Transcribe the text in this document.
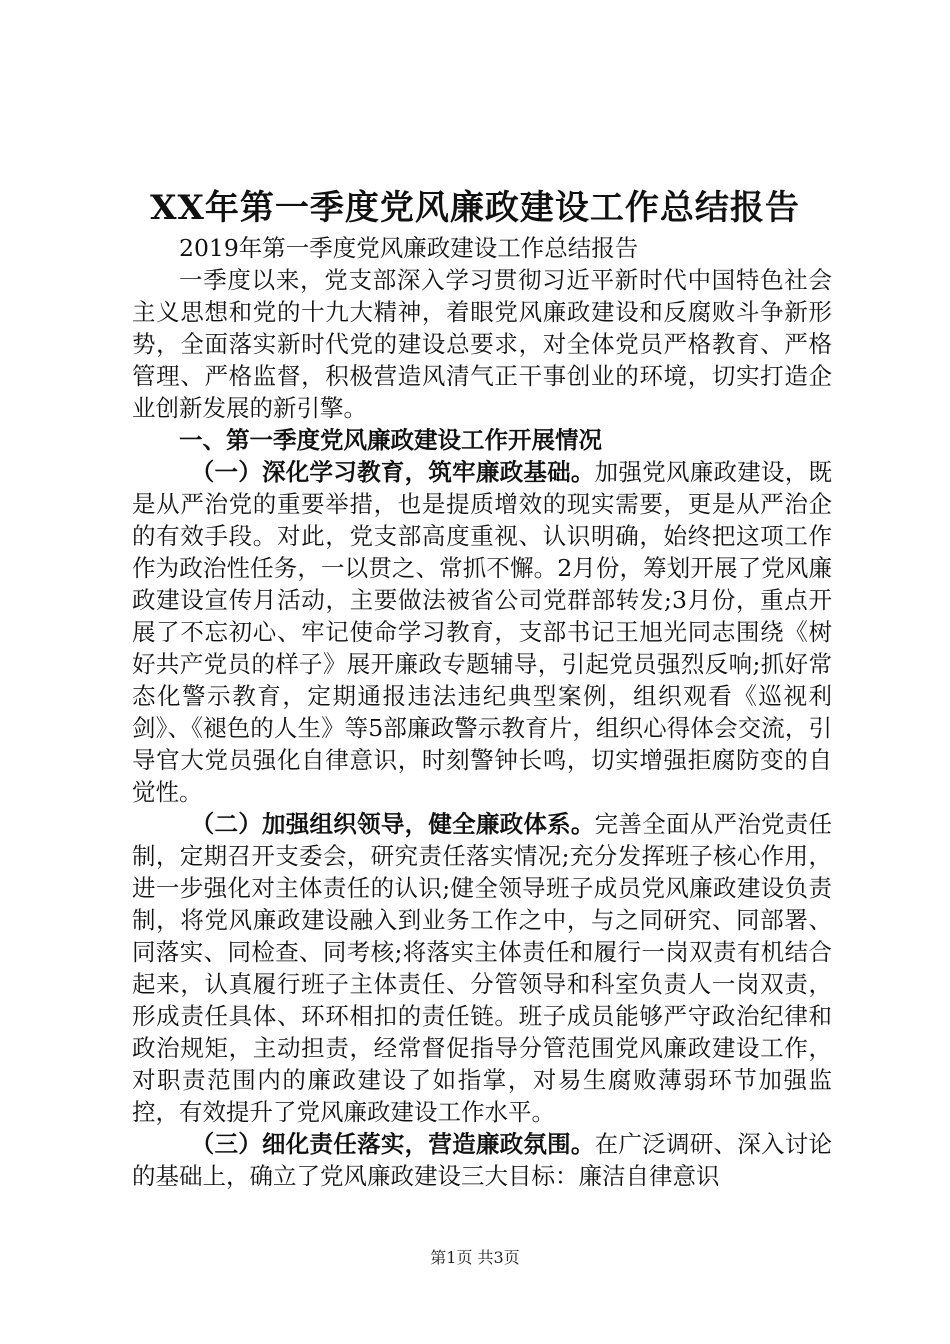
XX年第一季度党风廉政建设工作总结报告

2019年第一季度党风廉政建设工作总结报告

一季度以来，党支部深入学习贯彻习近平新时代中国特色社会主义思想和党的十九大精神，着眼党风廉政建设和反腐败斗争新形势，全面落实新时代党的建设总要求，对全体党员严格教育、严格管理、严格监督，积极营造风清气正干事创业的环境，切实打造企业创新发展的新引擎。

一、第一季度党风廉政建设工作开展情况

（一）深化学习教育，筑牢廉政基础。加强党风廉政建设，既是从严治党的重要举措，也是提质增效的现实需要，更是从严治企的有效手段。对此，党支部高度重视、认识明确，始终把这项工作作为政治性任务，一以贯之、常抓不懈。2月份，筹划开展了党风廉政建设宣传月活动，主要做法被省公司党群部转发;3月份，重点开展了不忘初心、牢记使命学习教育，支部书记王旭光同志围绕《树好共产党员的样子》展开廉政专题辅导，引起党员强烈反响;抓好常态化警示教育，定期通报违法违纪典型案例，组织观看《巡视利剑》、《褪色的人生》等5部廉政警示教育片，组织心得体会交流，引导官大党员强化自律意识，时刻警钟长鸣，切实增强拒腐防变的自觉性。

（二）加强组织领导，健全廉政体系。完善全面从严治党责任制，定期召开支委会，研究责任落实情况;充分发挥班子核心作用，进一步强化对主体责任的认识;健全领导班子成员党风廉政建设负责制，将党风廉政建设融入到业务工作之中，与之同研究、同部署、同落实、同检查、同考核;将落实主体责任和履行一岗双责有机结合起来，认真履行班子主体责任、分管领导和科室负责人一岗双责，形成责任具体、环环相扣的责任链。班子成员能够严守政治纪律和政治规矩，主动担责，经常督促指导分管范围党风廉政建设工作，对职责范围内的廉政建设了如指掌，对易生腐败薄弱环节加强监控，有效提升了党风廉政建设工作水平。

（三）细化责任落实，营造廉政氛围。在广泛调研、深入讨论的基础上，确立了党风廉政建设三大目标：廉洁自律意识

第1页 共3页
